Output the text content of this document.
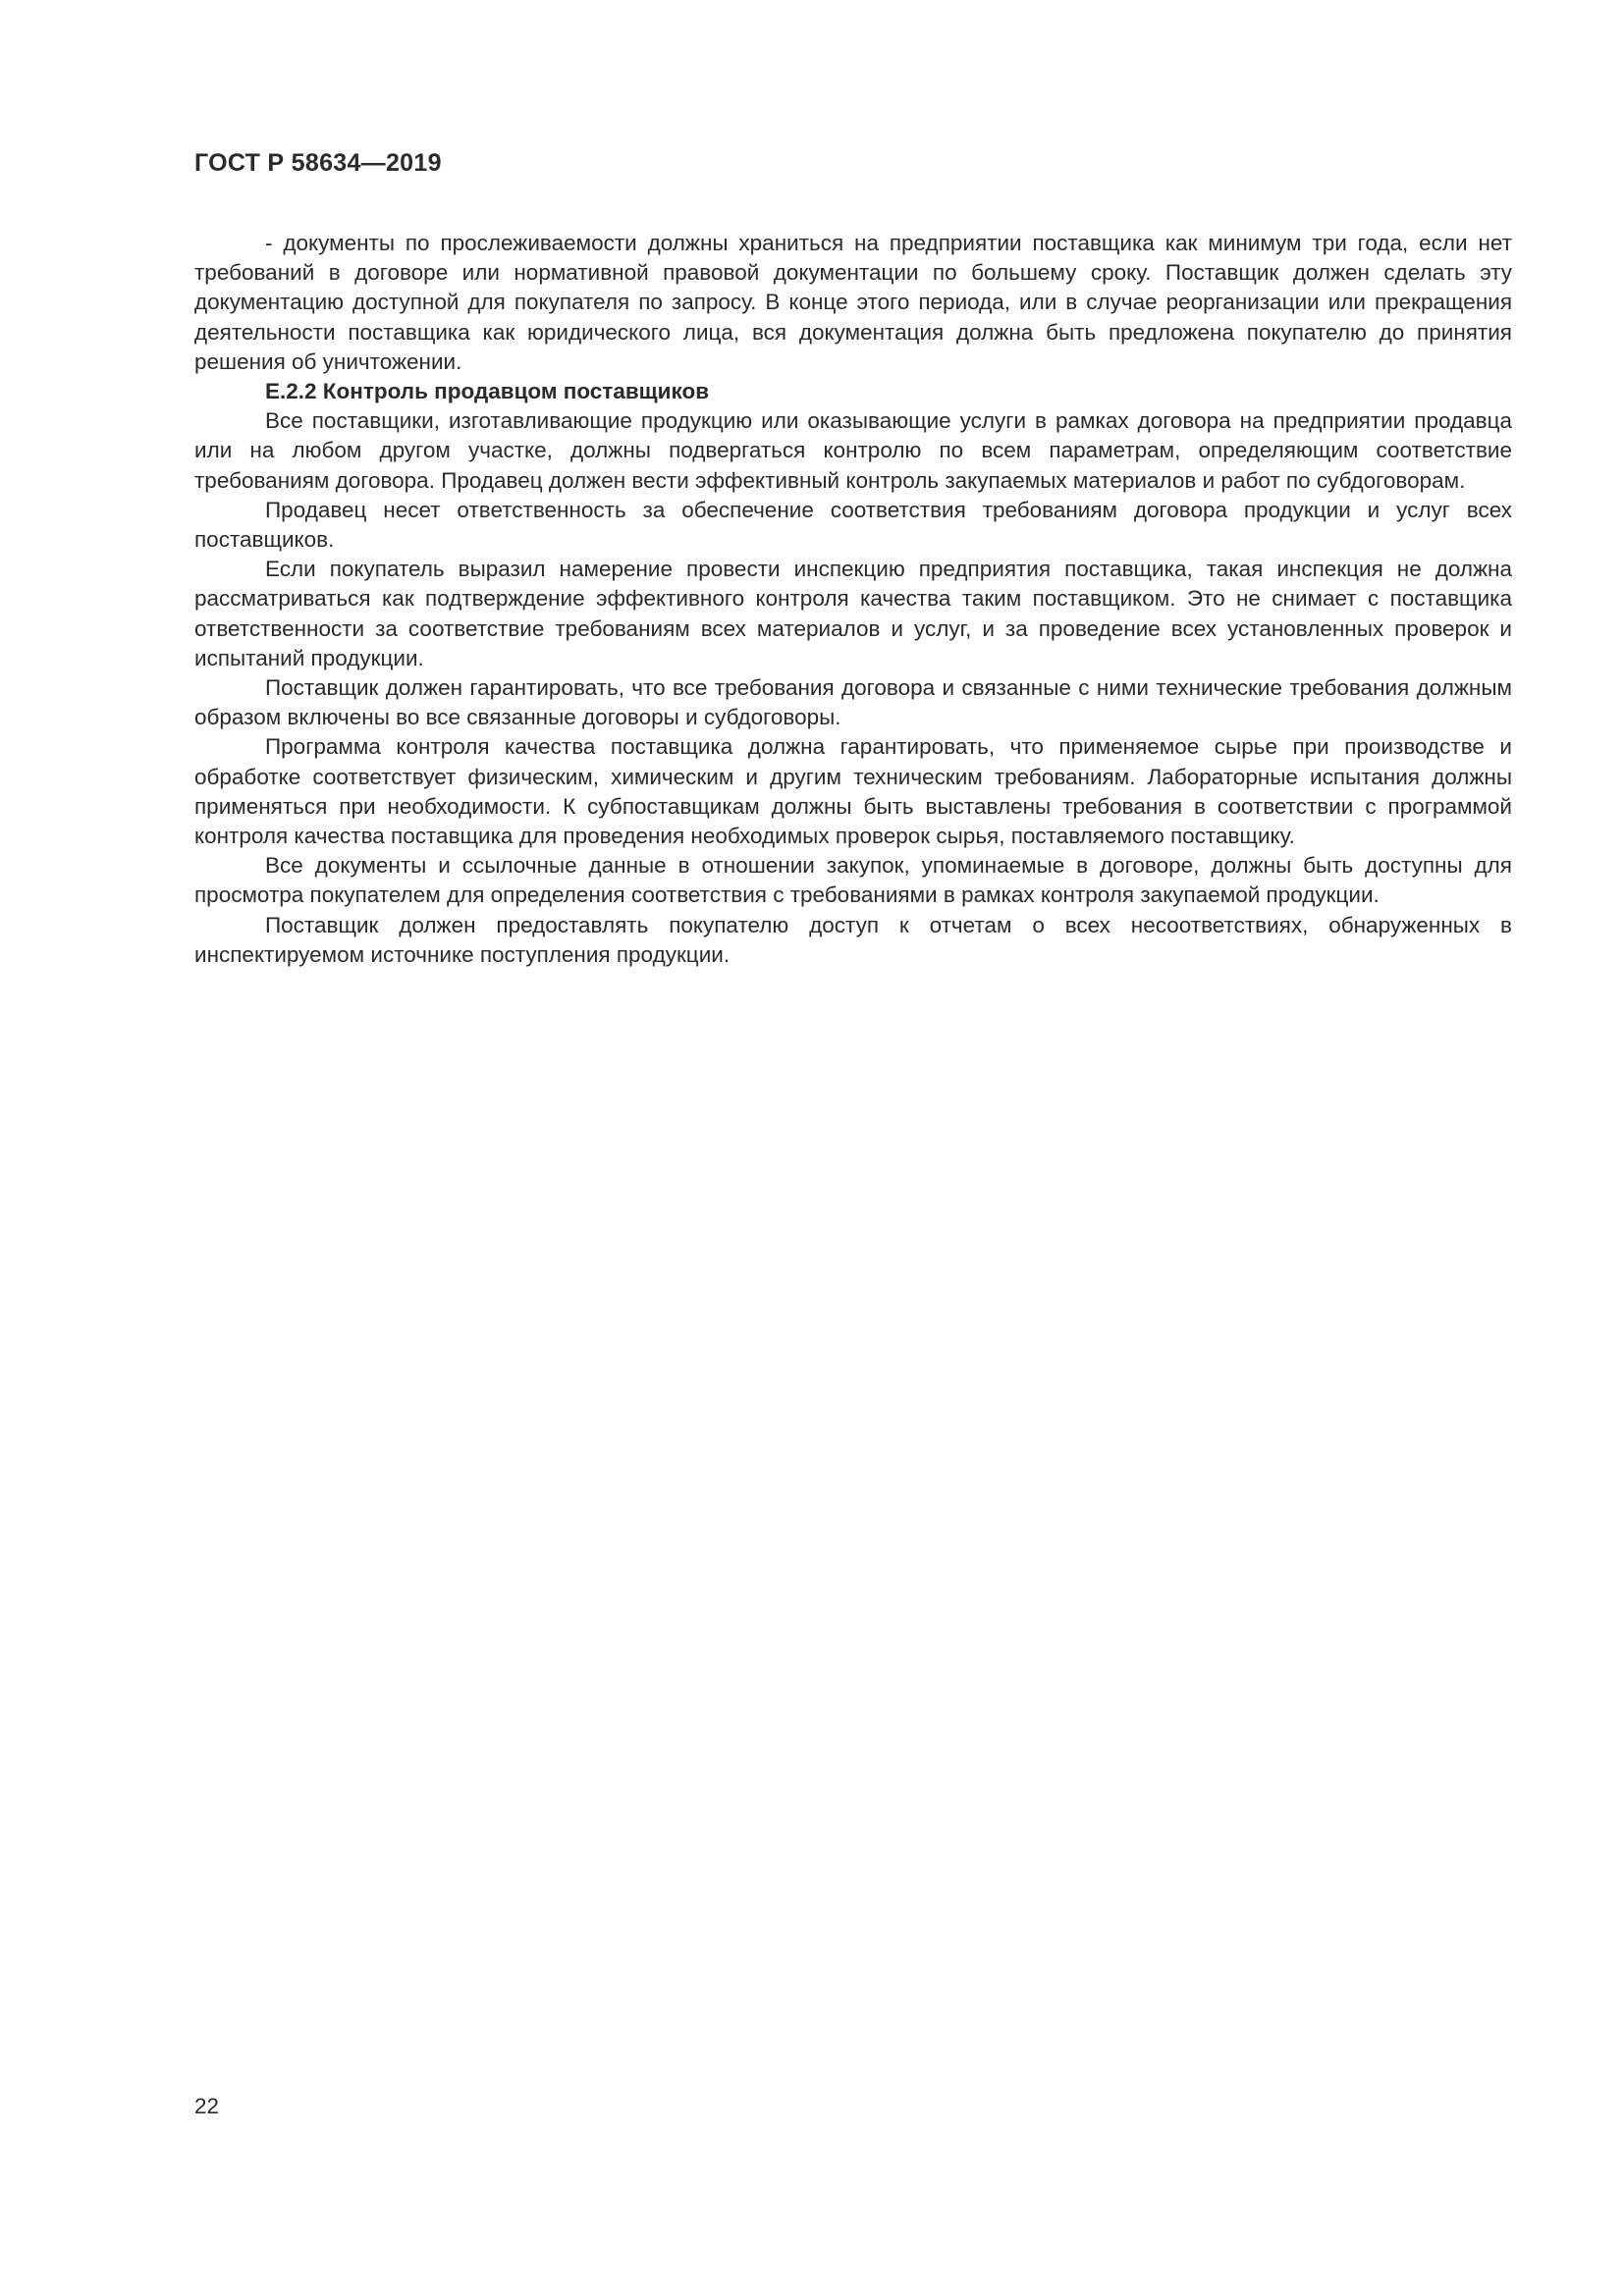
ГОСТ Р 58634—2019

- документы по прослеживаемости должны храниться на предприятии поставщика как минимум три года, если нет требований в договоре или нормативной правовой документации по большему сроку. Поставщик должен сделать эту документацию доступной для покупателя по запросу. В конце этого периода, или в случае реорганизации или прекращения деятельности поставщика как юридического лица, вся документация должна быть предложена покупателю до принятия решения об уничтожении.

Е.2.2 Контроль продавцом поставщиков

Все поставщики, изготавливающие продукцию или оказывающие услуги в рамках договора на предприятии продавца или на любом другом участке, должны подвергаться контролю по всем параметрам, определяющим соответствие требованиям договора. Продавец должен вести эффективный контроль закупаемых материалов и работ по субдоговорам.

Продавец несет ответственность за обеспечение соответствия требованиям договора продукции и услуг всех поставщиков.

Если покупатель выразил намерение провести инспекцию предприятия поставщика, такая инспекция не должна рассматриваться как подтверждение эффективного контроля качества таким поставщиком. Это не снимает с поставщика ответственности за соответствие требованиям всех материалов и услуг, и за проведение всех установленных проверок и испытаний продукции.

Поставщик должен гарантировать, что все требования договора и связанные с ними технические требования должным образом включены во все связанные договоры и субдоговоры.

Программа контроля качества поставщика должна гарантировать, что применяемое сырье при производстве и обработке соответствует физическим, химическим и другим техническим требованиям. Лабораторные испытания должны применяться при необходимости. К субпоставщикам должны быть выставлены требования в соответствии с программой контроля качества поставщика для проведения необходимых проверок сырья, поставляемого поставщику.

Все документы и ссылочные данные в отношении закупок, упоминаемые в договоре, должны быть доступны для просмотра покупателем для определения соответствия с требованиями в рамках контроля закупаемой продукции.

Поставщик должен предоставлять покупателю доступ к отчетам о всех несоответствиях, обнаруженных в инспектируемом источнике поступления продукции.

22
